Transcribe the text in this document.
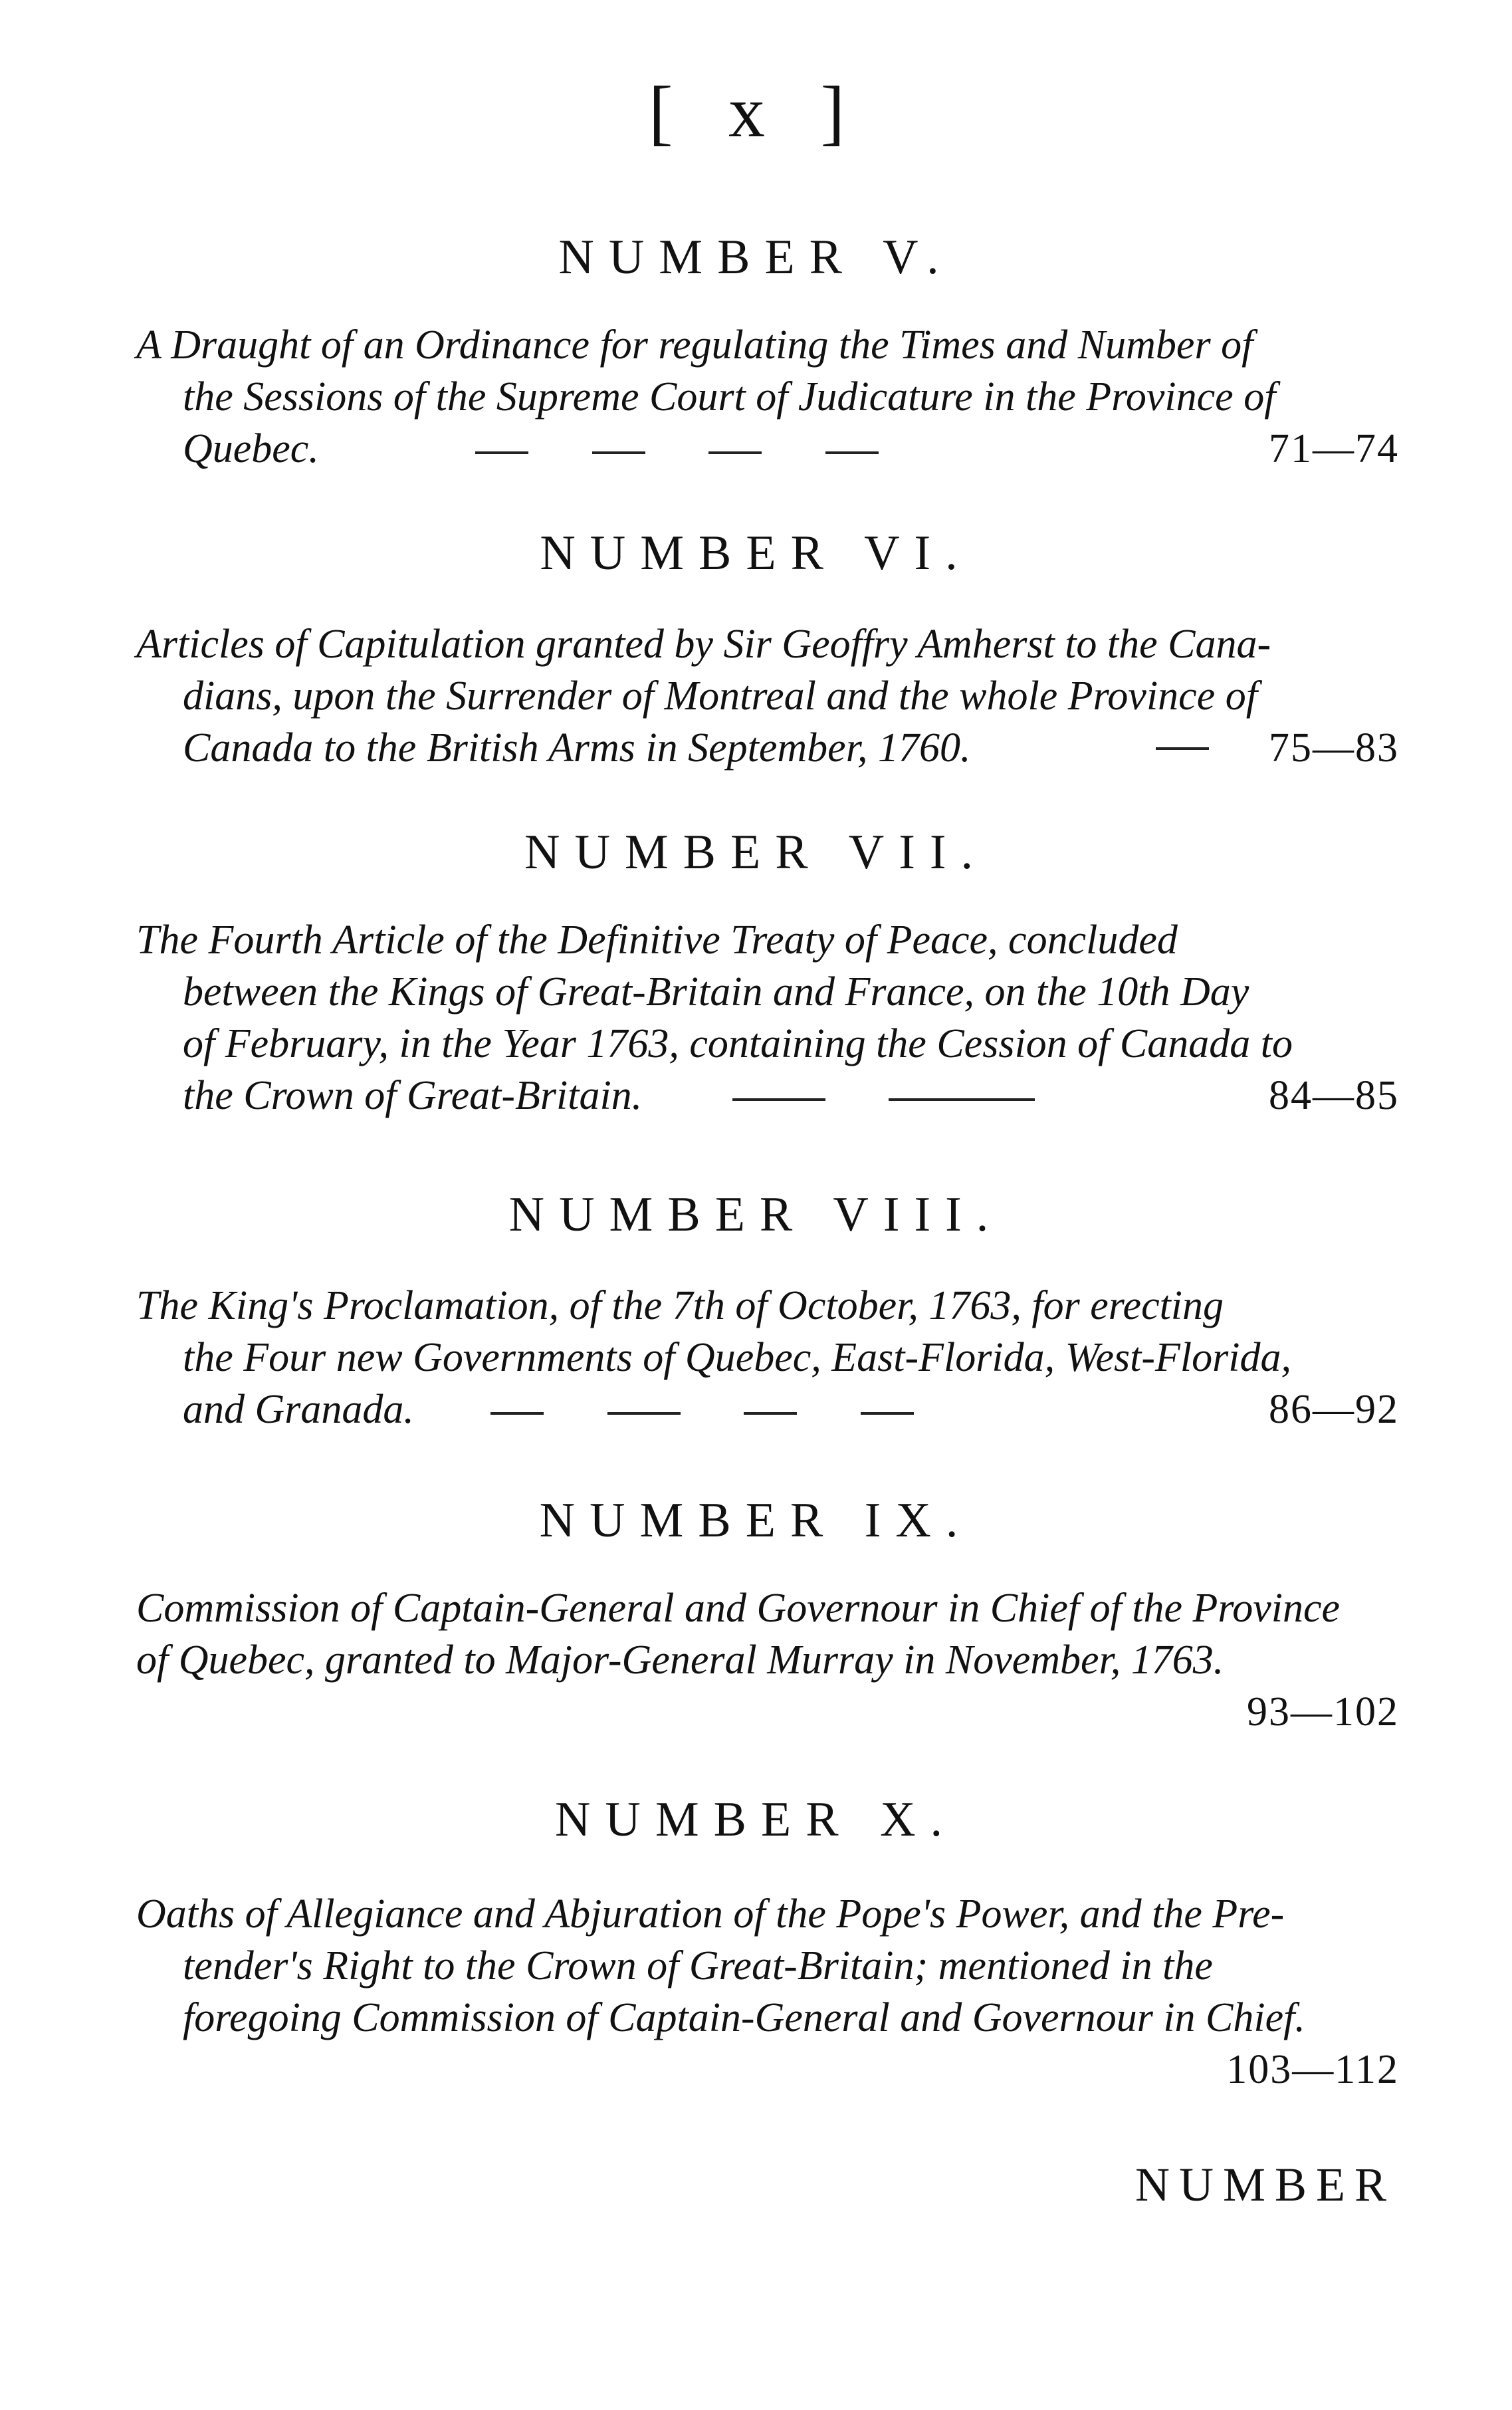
[ x ]
NUMBER V.
A Draught of an Ordinance for regulating the Times and Number of
the Sessions of the Supreme Court of Judicature in the Province of
Quebec.	71—74
NUMBER VI.
Articles of Capitulation granted by Sir Geoffry Amherst to the Cana-
dians, upon the Surrender of Montreal and the whole Province of
Canada to the British Arms in September, 1760.	75—83
NUMBER VII.
The Fourth Article of the Definitive Treaty of Peace, concluded
between the Kings of Great-Britain and France, on the 10th Day
of February, in the Year 1763, containing the Cession of Canada to
the Crown of Great-Britain.	84—85
NUMBER VIII.
The King's Proclamation, of the 7th of October, 1763, for erecting
the Four new Governments of Quebec, East-Florida, West-Florida,
and Granada.	86—92
NUMBER IX.
Commission of Captain-General and Governour in Chief of the Province
of Quebec, granted to Major-General Murray in November, 1763.
93—102
NUMBER X.
Oaths of Allegiance and Abjuration of the Pope's Power, and the Pre-
tender's Right to the Crown of Great-Britain; mentioned in the
foregoing Commission of Captain-General and Governour in Chief.
103—112
NUMBER
